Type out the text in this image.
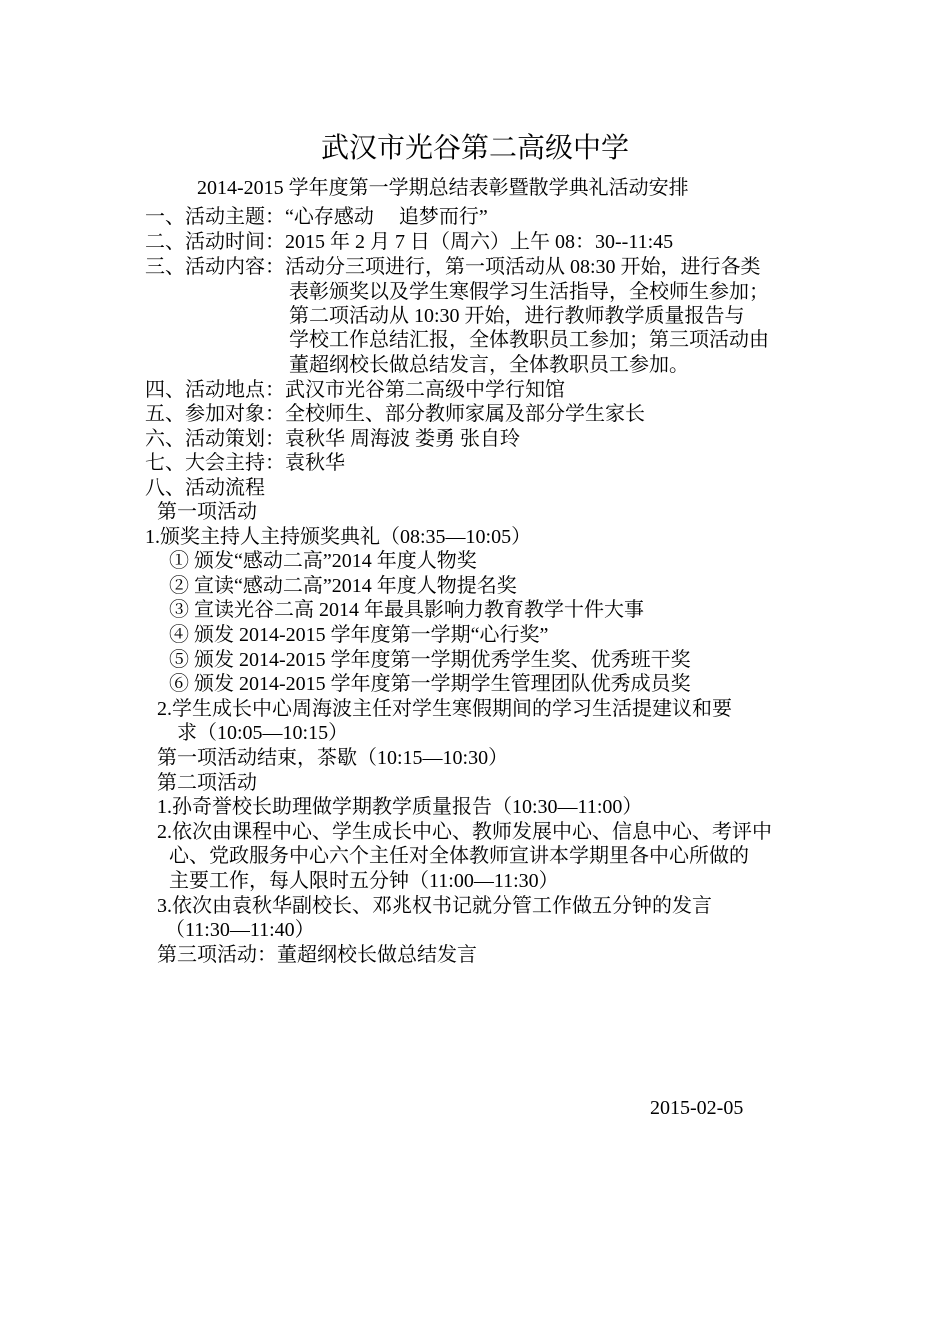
武汉市光谷第二高级中学
2014-2015 学年度第一学期总结表彰暨散学典礼活动安排
一、活动主题：“心存感动　 追梦而行”
二、活动时间：2015 年 2 月 7 日（周六）上午 08：30--11:45
三、活动内容：活动分三项进行，第一项活动从 08:30 开始，进行各类
表彰颁奖以及学生寒假学习生活指导，全校师生参加；
第二项活动从 10:30 开始，进行教师教学质量报告与
学校工作总结汇报，全体教职员工参加；第三项活动由
董超纲校长做总结发言，全体教职员工参加。
四、活动地点：武汉市光谷第二高级中学行知馆
五、参加对象：全校师生、部分教师家属及部分学生家长
六、活动策划：袁秋华 周海波 娄勇 张自玲
七、大会主持：袁秋华
八、活动流程
第一项活动
1.颁奖主持人主持颁奖典礼（08:35—10:05）
① 颁发“感动二高”2014 年度人物奖
② 宣读“感动二高”2014 年度人物提名奖
③ 宣读光谷二高 2014 年最具影响力教育教学十件大事
④ 颁发 2014-2015 学年度第一学期“心行奖”
⑤ 颁发 2014-2015 学年度第一学期优秀学生奖、优秀班干奖
⑥ 颁发 2014-2015 学年度第一学期学生管理团队优秀成员奖
2.学生成长中心周海波主任对学生寒假期间的学习生活提建议和要
求（10:05—10:15）
第一项活动结束，茶歇（10:15—10:30）
第二项活动
1.孙奇誉校长助理做学期教学质量报告（10:30—11:00）
2.依次由课程中心、学生成长中心、教师发展中心、信息中心、考评中
心、党政服务中心六个主任对全体教师宣讲本学期里各中心所做的
主要工作，每人限时五分钟（11:00—11:30）
3.依次由袁秋华副校长、邓兆权书记就分管工作做五分钟的发言
（11:30—11:40）
第三项活动：董超纲校长做总结发言
2015-02-05
